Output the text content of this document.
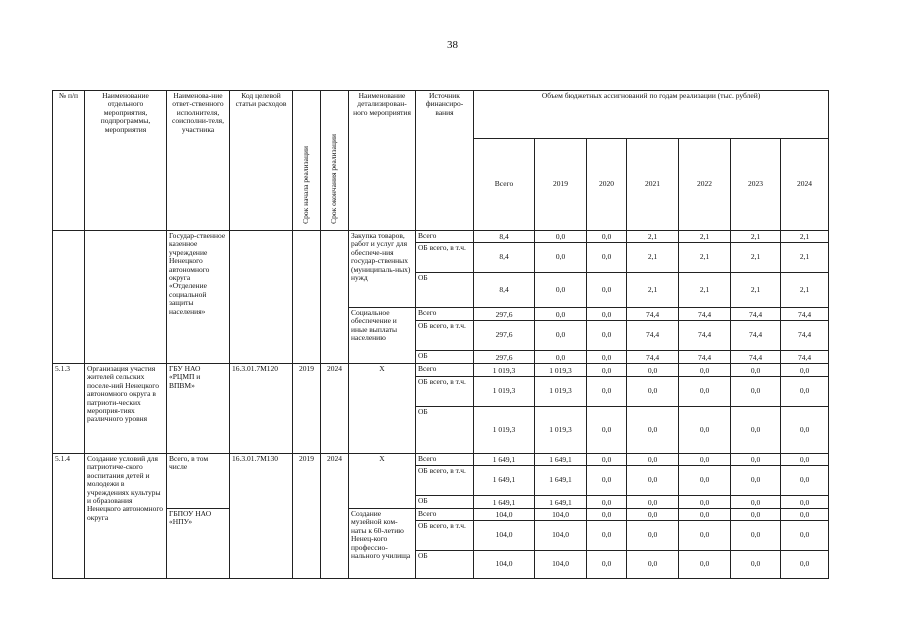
38
№ п/п	Наименование отдельного мероприятия, подпрограммы, мероприятия	Наименова-ние ответ-ственного исполнителя, соисполни-теля, участника	Код целевой статьи расходов	Срок начала реализации	Срок окончания реализации	Наименование детализирован-ного мероприятия	Источник финансиро-вания	Объем бюджетных ассигнований по годам реализации (тыс. рублей)						
								Всего	2019	2020	2021	2022	2023	2024
		Государ-ственное казенное учреждение Ненецкого автономного округа «Отделение социальной защиты населения»				Закупка товаров, работ и услуг для обеспече-ния государ-ственных (муниципаль-ных) нужд	Всего	8,4	0,0	0,0	2,1	2,1	2,1	2,1
							ОБ всего, в т.ч.	8,4	0,0	0,0	2,1	2,1	2,1	2,1
							ОБ	8,4	0,0	0,0	2,1	2,1	2,1	2,1
						Социальное обеспечение и иные выплаты населению	Всего	297,6	0,0	0,0	74,4	74,4	74,4	74,4
							ОБ всего, в т.ч.	297,6	0,0	0,0	74,4	74,4	74,4	74,4
							ОБ	297,6	0,0	0,0	74,4	74,4	74,4	74,4
5.1.3	Организация участия жителей сельских поселе-ний Ненецкого автономного округа в патриоти-ческих мероприя-тиях различного уровня	ГБУ НАО «РЦМП и ВПВМ»	16.3.01.7М120	2019	2024	Х	Всего	1 019,3	1 019,3	0,0	0,0	0,0	0,0	0,0
							ОБ всего, в т.ч.	1 019,3	1 019,3	0,0	0,0	0,0	0,0	0,0
							ОБ	1 019,3	1 019,3	0,0	0,0	0,0	0,0	0,0
5.1.4	Создание условий для патриотиче-ского воспитания детей и молодежи в учреждениях культуры и образования Ненецкого автономного округа	Всего, в том числе	16.3.01.7М130	2019	2024	Х	Всего	1 649,1	1 649,1	0,0	0,0	0,0	0,0	0,0
							ОБ всего, в т.ч.	1 649,1	1 649,1	0,0	0,0	0,0	0,0	0,0
							ОБ	1 649,1	1 649,1	0,0	0,0	0,0	0,0	0,0
		ГБПОУ НАО «НПУ»				Создание музейной ком-наты к 60-летию Ненец-кого профессио-нального училища	Всего	104,0	104,0	0,0	0,0	0,0	0,0	0,0
							ОБ всего, в т.ч.	104,0	104,0	0,0	0,0	0,0	0,0	0,0
							ОБ	104,0	104,0	0,0	0,0	0,0	0,0	0,0
